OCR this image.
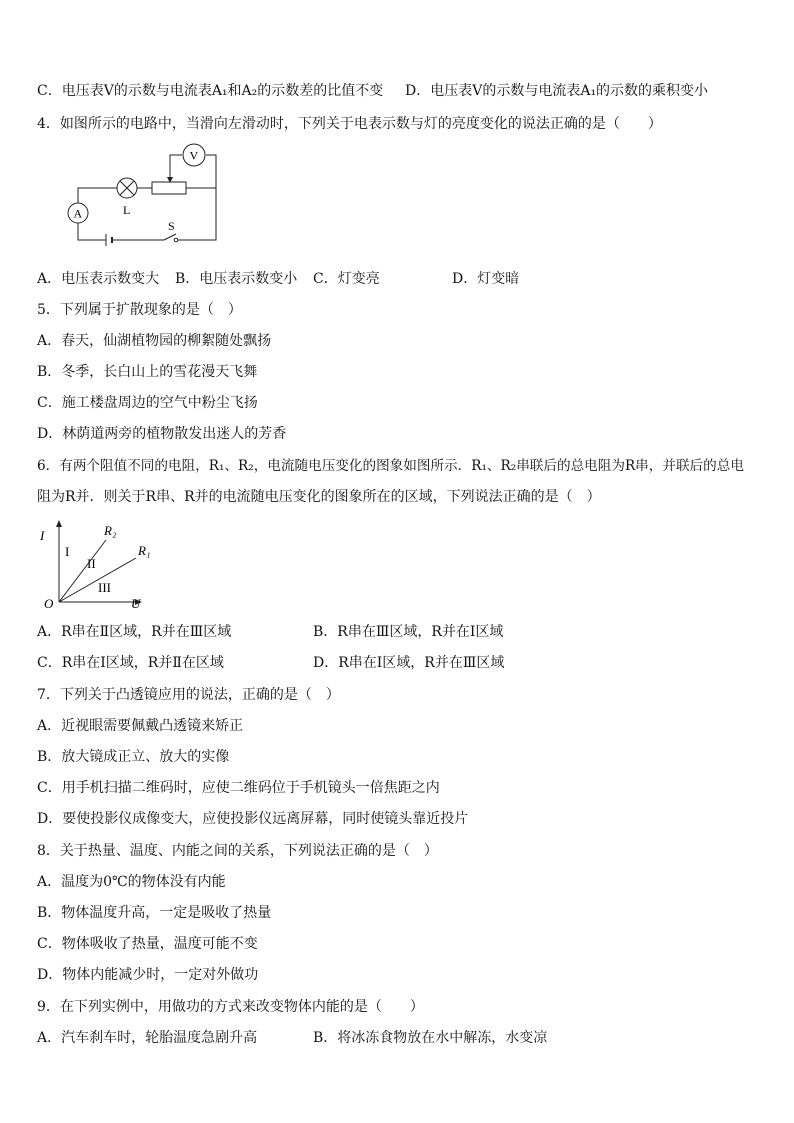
C．电压表V的示数与电流表A₁和A₂的示数差的比值不变 D．电压表V的示数与电流表A₁的示数的乘积变小
4．如图所示的电路中，当滑向左滑动时，下列关于电表示数与灯的亮度变化的说法正确的是（　　）
L
V
A
S
A．电压表示数变大 B．电压表示数变小 C．灯变亮	D．灯变暗
5．下列属于扩散现象的是（　）
A．春天，仙湖植物园的柳絮随处飘扬
B．冬季，长白山上的雪花漫天飞舞
C．施工楼盘周边的空气中粉尘飞扬
D．林荫道两旁的植物散发出迷人的芳香
6．有两个阻值不同的电阻，R₁、R₂，电流随电压变化的图象如图所示．R₁、R₂串联后的总电阻为R串，并联后的总电
阻为R并．则关于R串、R并的电流随电压变化的图象所在的区域，下列说法正确的是（　）
I
U
O
R₂
R₁
I
II
III
A．R串在Ⅱ区域，R并在Ⅲ区域	B．R串在Ⅲ区域，R并在Ⅰ区域
C．R串在Ⅰ区域，R并Ⅱ在区域	D．R串在Ⅰ区域，R并在Ⅲ区域
7．下列关于凸透镜应用的说法，正确的是（　）
A．近视眼需要佩戴凸透镜来矫正
B．放大镜成正立、放大的实像
C．用手机扫描二维码时，应使二维码位于手机镜头一倍焦距之内
D．要使投影仪成像变大，应使投影仪远离屏幕，同时使镜头靠近投片
8．关于热量、温度、内能之间的关系，下列说法正确的是（　）
A．温度为0℃的物体没有内能
B．物体温度升高，一定是吸收了热量
C．物体吸收了热量，温度可能不变
D．物体内能减少时，一定对外做功
9．在下列实例中，用做功的方式来改变物体内能的是（　　）
A．汽车刹车时，轮胎温度急剧升高	B．将冰冻食物放在水中解冻，水变凉
